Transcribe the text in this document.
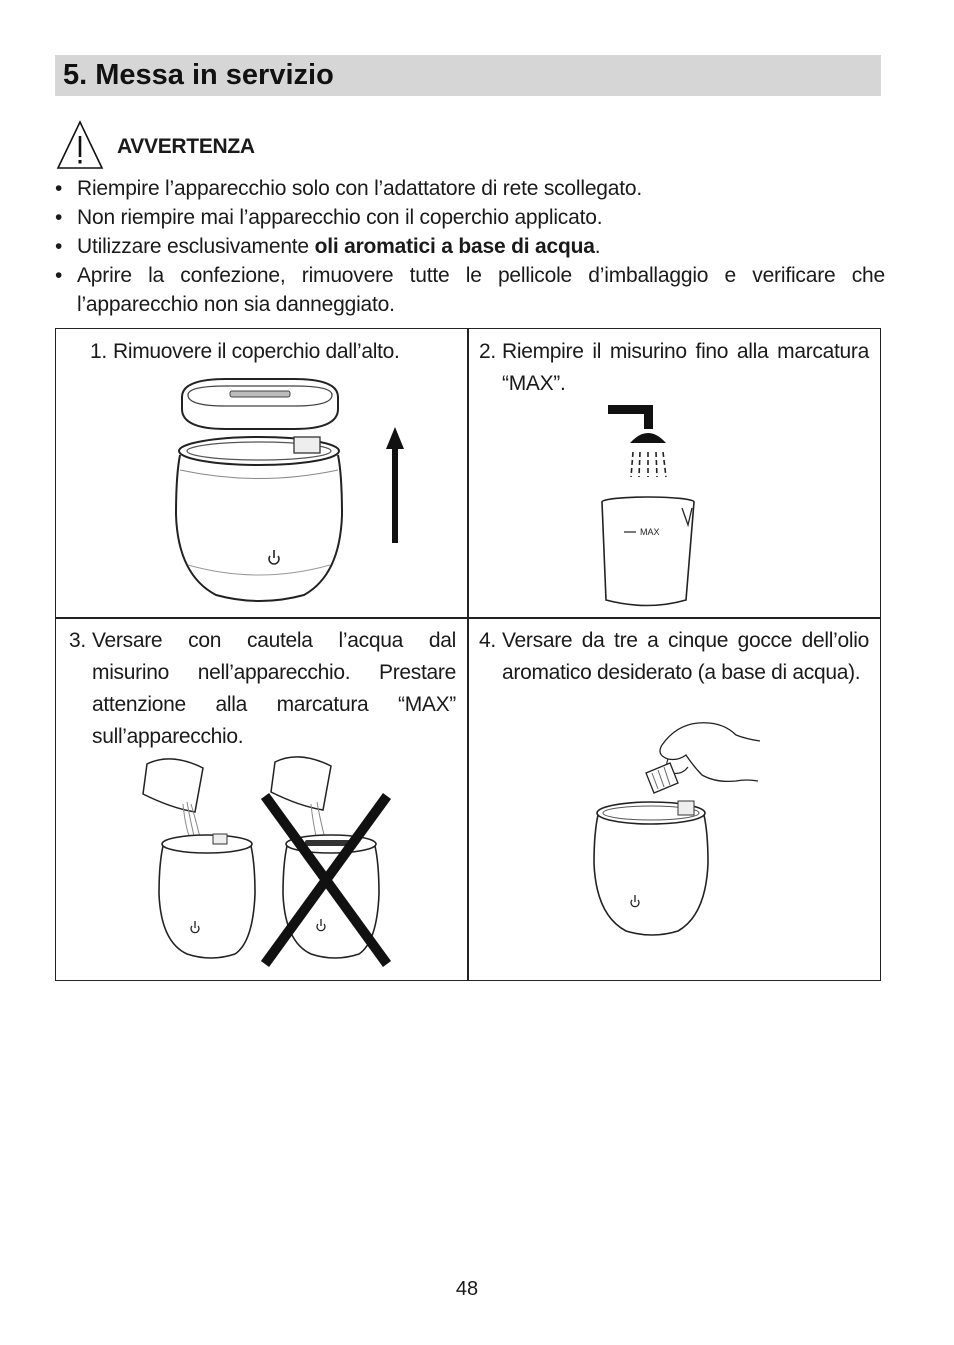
5. Messa in servizio
AVVERTENZA
• Riempire l’apparecchio solo con l’adattatore di rete scollegato.
• Non riempire mai l’apparecchio con il coperchio applicato.
• Utilizzare esclusivamente oli aromatici a base di acqua.
• Aprire la confezione, rimuovere tutte le pellicole d’imballaggio e verificare che l’apparecchio non sia danneggiato.
1. Rimuovere il coperchio dall’alto.	2. Riempire il misurino fino alla marcatura “MAX”.
MAX
3. Versare con cautela l’acqua dal misurino nell’apparecchio. Prestare attenzione alla marcatura “MAX” sull’apparecchio.
4. Versare da tre a cinque gocce dell’olio aromatico desiderato (a base di acqua).
48
